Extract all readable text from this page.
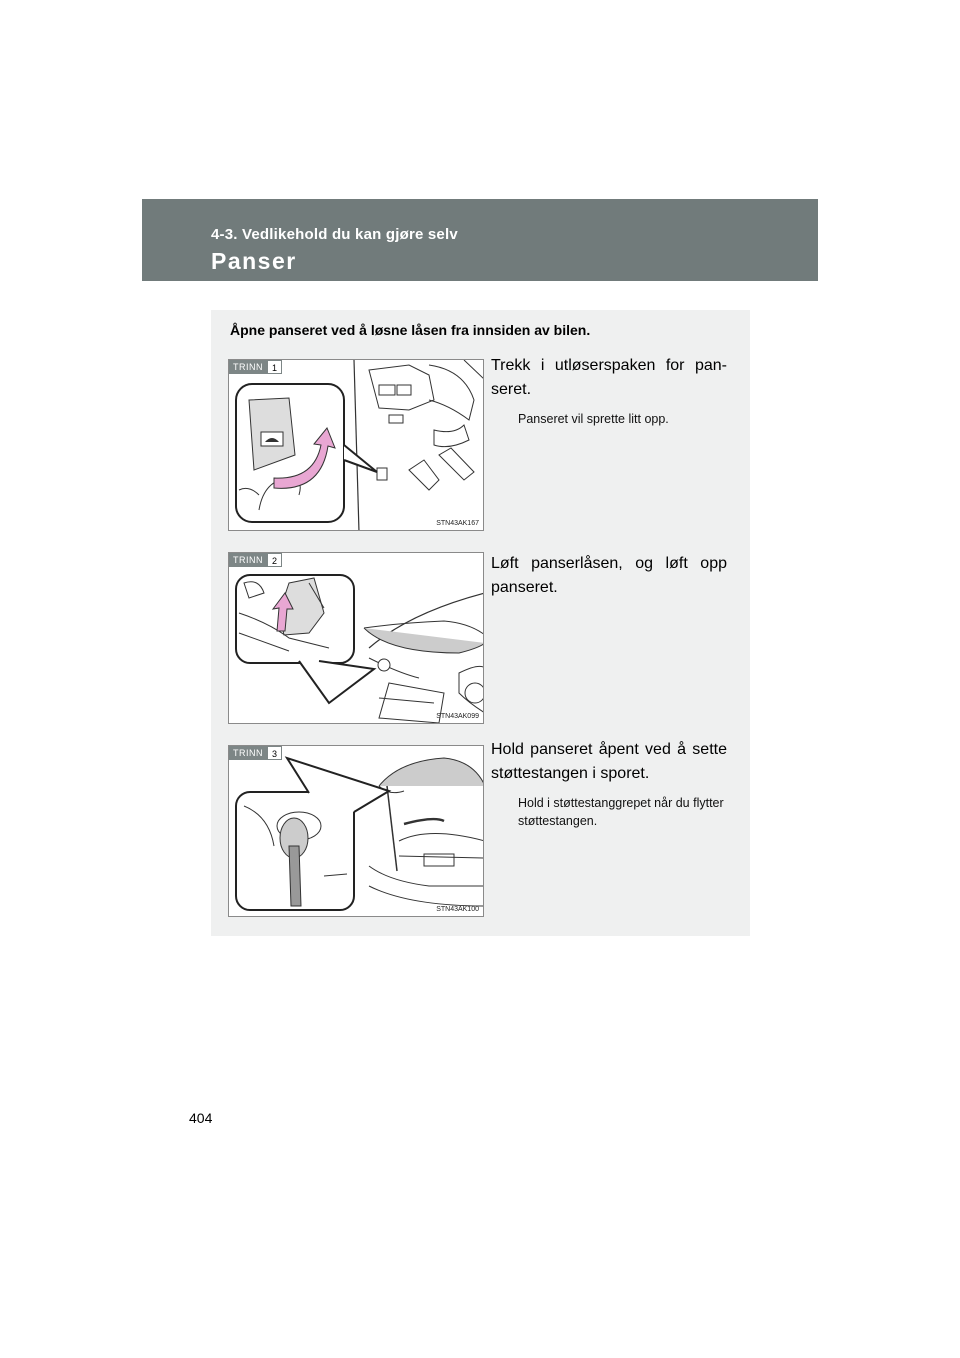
4-3. Vedlikehold du kan gjøre selv
Panser
Åpne panseret ved å løsne låsen fra innsiden av bilen.
TRINN	1
STN43AK167
Trekk i utløserspaken for pan-seret.
Panseret vil sprette litt opp.
TRINN	2
STN43AK099
Løft panserlåsen, og løft opp panseret.
TRINN	3
STN43AK100
Hold panseret åpent ved å sette støttestangen i sporet.
Hold i støttestanggrepet når du flytter støttestangen.
404
